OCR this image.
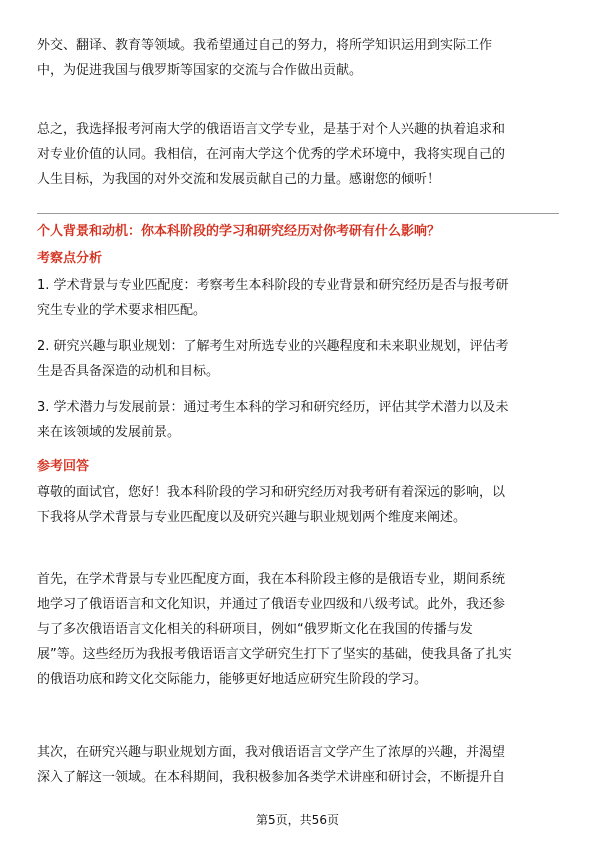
外交、翻译、教育等领域。我希望通过自己的努力，将所学知识运用到实际工作
中，为促进我国与俄罗斯等国家的交流与合作做出贡献。
总之，我选择报考河南大学的俄语语言文学专业，是基于对个人兴趣的执着追求和
对专业价值的认同。我相信，在河南大学这个优秀的学术环境中，我将实现自己的
人生目标，为我国的对外交流和发展贡献自己的力量。感谢您的倾听！
个人背景和动机：你本科阶段的学习和研究经历对你考研有什么影响？
考察点分析
1. 学术背景与专业匹配度：考察考生本科阶段的专业背景和研究经历是否与报考研
究生专业的学术要求相匹配。
2. 研究兴趣与职业规划：了解考生对所选专业的兴趣程度和未来职业规划，评估考
生是否具备深造的动机和目标。
3. 学术潜力与发展前景：通过考生本科的学习和研究经历，评估其学术潜力以及未
来在该领域的发展前景。
参考回答
尊敬的面试官，您好！我本科阶段的学习和研究经历对我考研有着深远的影响，以
下我将从学术背景与专业匹配度以及研究兴趣与职业规划两个维度来阐述。
首先，在学术背景与专业匹配度方面，我在本科阶段主修的是俄语专业，期间系统
地学习了俄语语言和文化知识，并通过了俄语专业四级和八级考试。此外，我还参
与了多次俄语语言文化相关的科研项目，例如“俄罗斯文化在我国的传播与发
展”等。这些经历为我报考俄语语言文学研究生打下了坚实的基础，使我具备了扎实
的俄语功底和跨文化交际能力，能够更好地适应研究生阶段的学习。
其次，在研究兴趣与职业规划方面，我对俄语语言文学产生了浓厚的兴趣，并渴望
深入了解这一领域。在本科期间，我积极参加各类学术讲座和研讨会，不断提升自
第5页，共56页
